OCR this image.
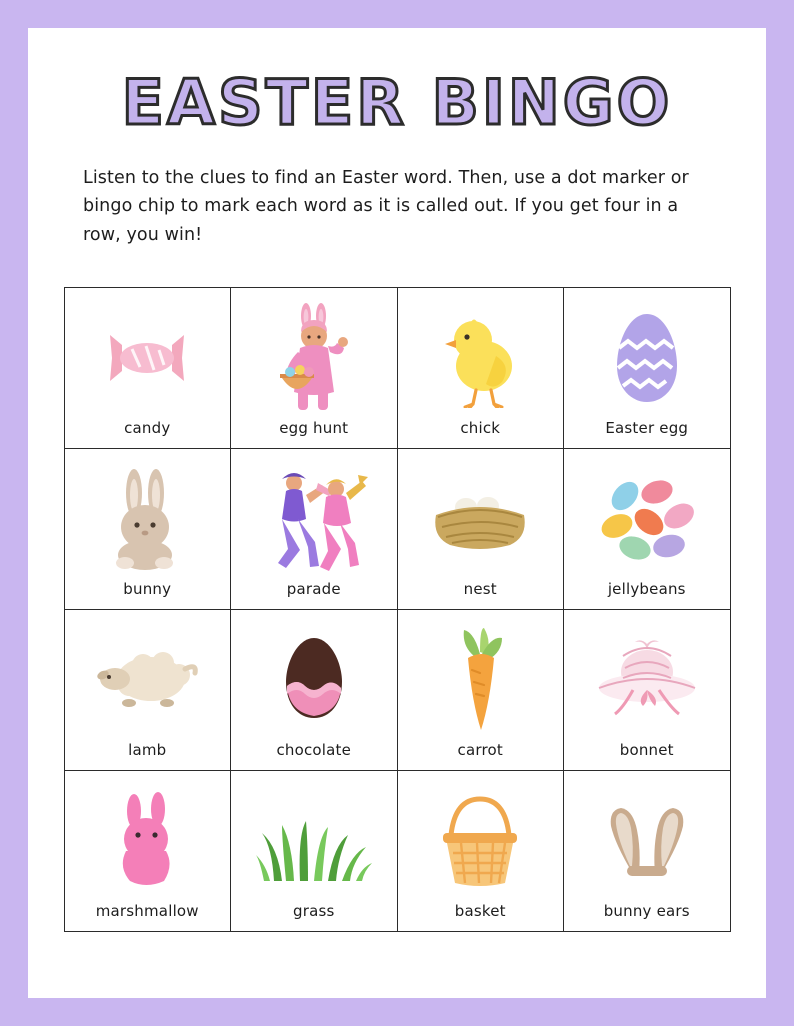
EASTER BINGO

Listen to the clues to find an Easter word. Then, use a dot marker or bingo chip to mark each word as it is called out. If you get four in a row, you win!

candy	egg hunt	chick	Easter egg

bunny	parade	nest	jellybeans

lamb	chocolate	carrot	bonnet

marshmallow	grass	basket	bunny ears
